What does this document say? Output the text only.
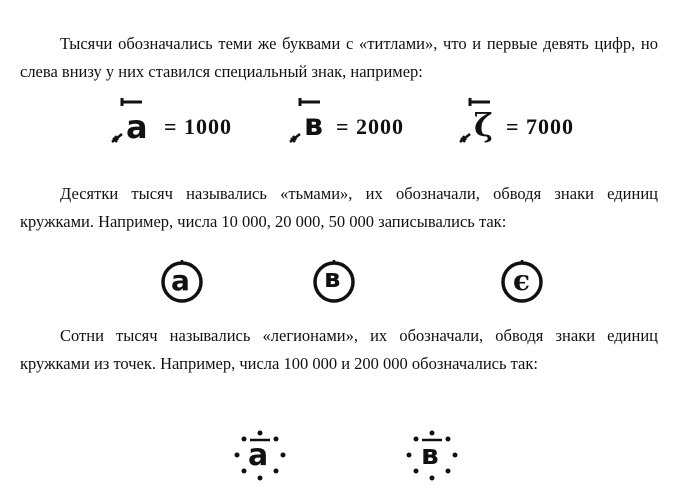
Тысячи обозначались теми же буквами с «титлами», что и первые девять цифр, но слева внизу у них ставился специальный знак, например:

а = 1000 в = 2000 ζ = 7000

Десятки тысяч назывались «тьмами», их обозначали, обводя знаки единиц кружками. Например, числа 10 000, 20 000, 50 000 записывались так:

а	в	є

Сотни тысяч назывались «легионами», их обозначали, обводя знаки единиц кружками из точек. Например, числа 100 000 и 200 000 обозначались так:

а	в
